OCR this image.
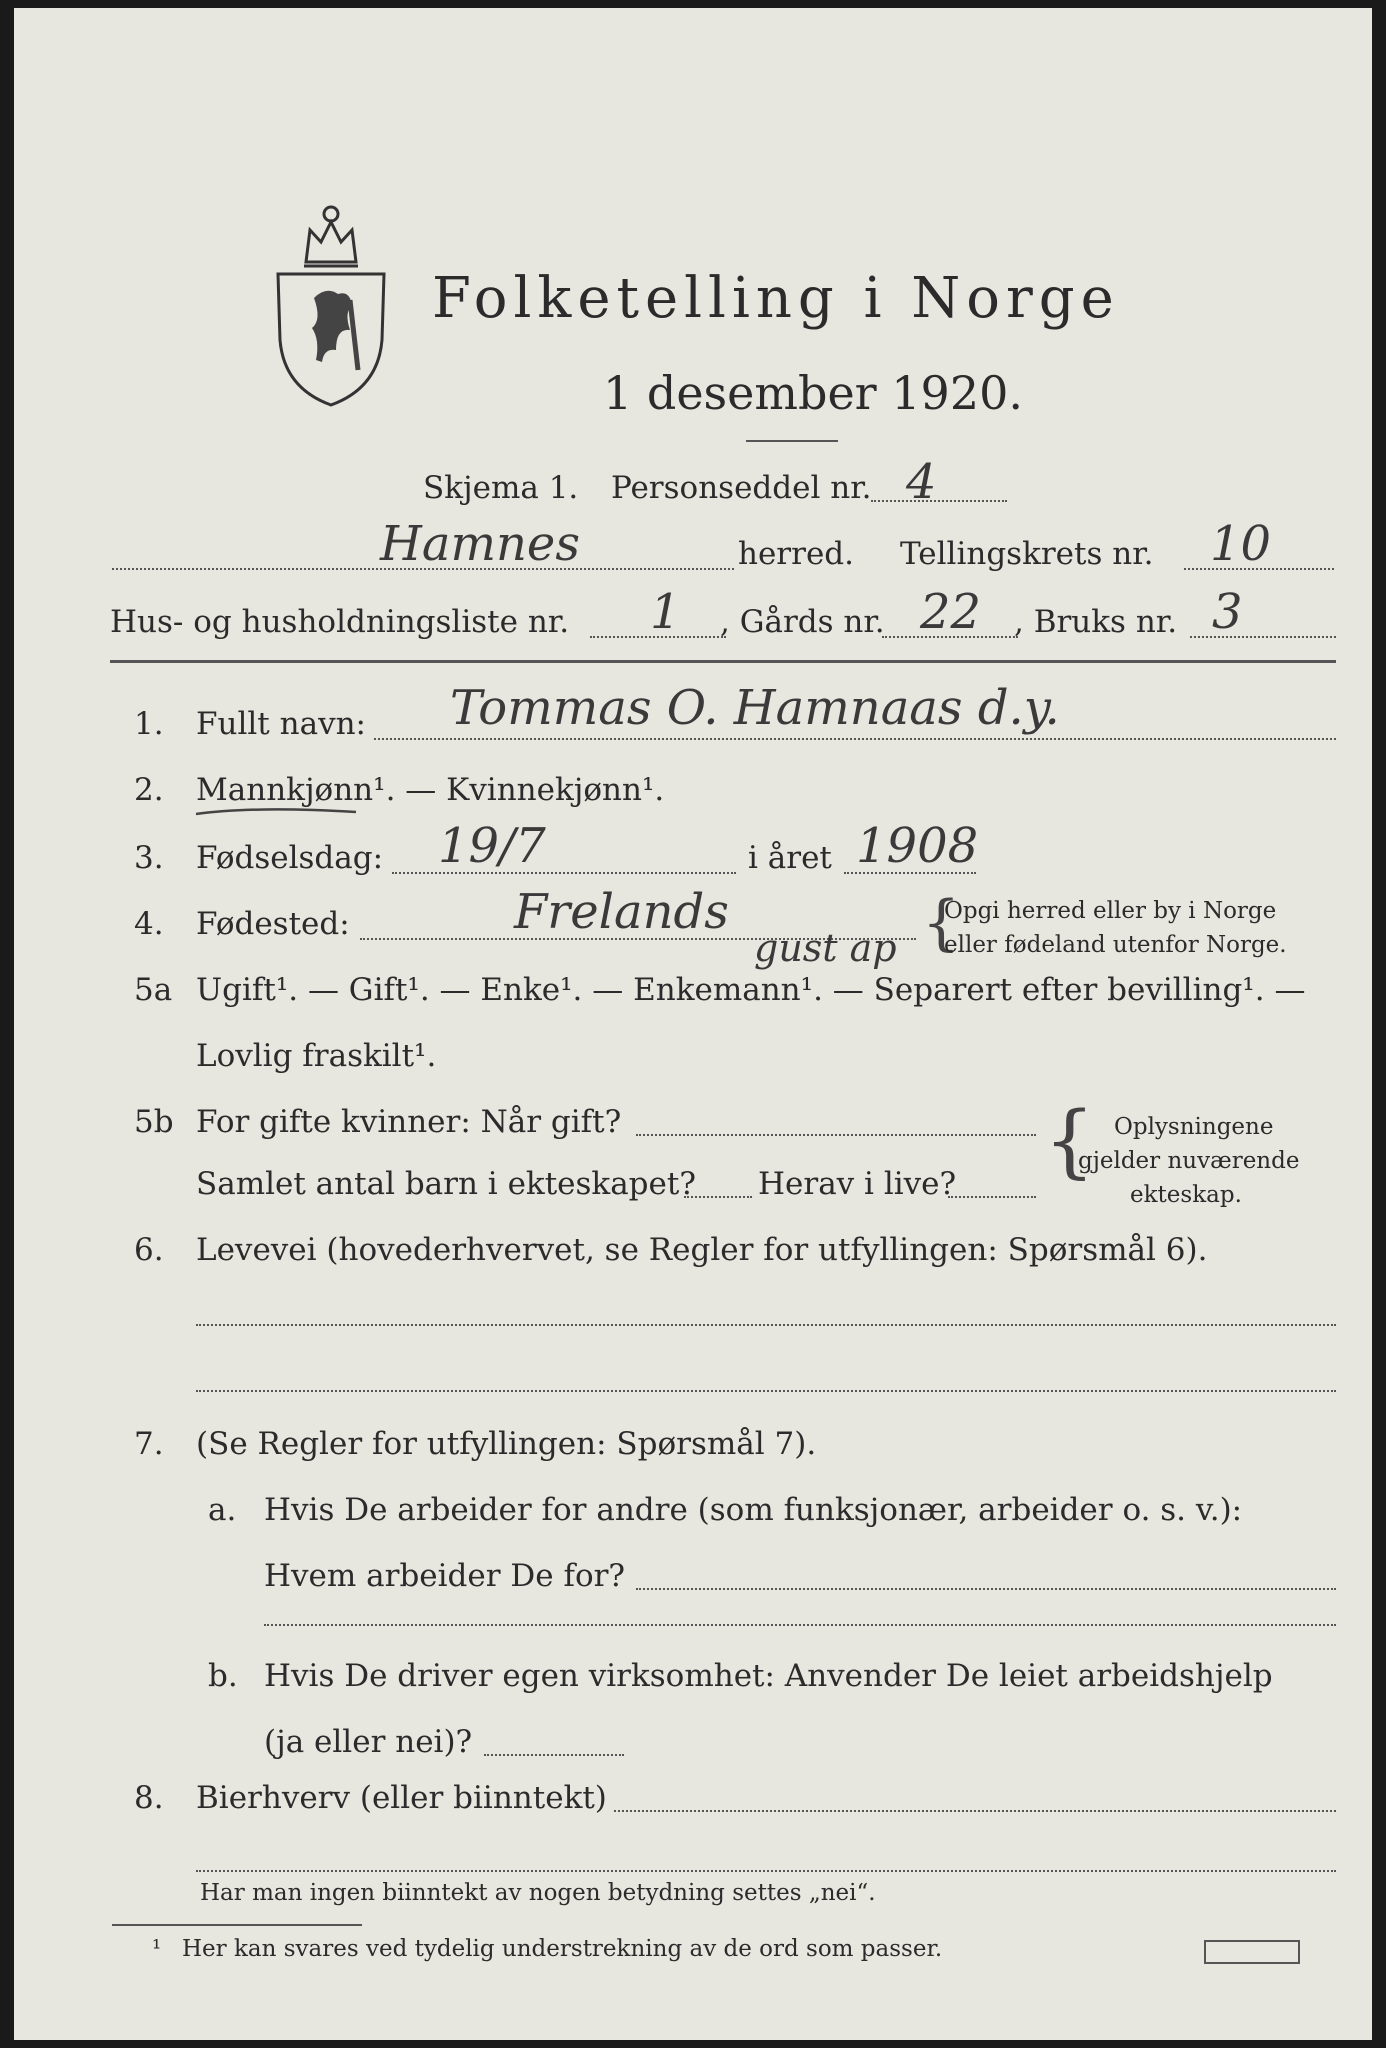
Folketelling i Norge
1 desember 1920.
Skjema 1. Personseddel nr. 4
Hamnes	herred. Tellingskrets nr. 10
Hus- og husholdningsliste nr. 1 , Gårds nr. 22 , Bruks nr. 3
1. Fullt navn: Tommas O. Hamnaas d.y.
2. Mannkjønn¹. — Kvinnekjønn¹.
3. Fødselsdag: 19/7	i året 1908
4. Fødested:	Frelands	{
Opgi herred eller by i Norge
eller fødeland utenfor Norge.
gust ap
5a Ugift¹. — Gift¹. — Enke¹. — Enkemann¹. — Separert efter bevilling¹. —
Lovlig fraskilt¹.
5b For gifte kvinner: Når gift?
Samlet antal barn i ekteskapet? Herav i live? { Oplysningene
gjelder nuværende
ekteskap.
6. Levevei (hovederhvervet, se Regler for utfyllingen: Spørsmål 6).
7. (Se Regler for utfyllingen: Spørsmål 7).
a. Hvis De arbeider for andre (som funksjonær, arbeider o. s. v.):
Hvem arbeider De for?
b. Hvis De driver egen virksomhet: Anvender De leiet arbeidshjelp
(ja eller nei)?
8. Bierhverv (eller biinntekt)
Har man ingen biinntekt av nogen betydning settes „nei“.
¹ Her kan svares ved tydelig understrekning av de ord som passer.
